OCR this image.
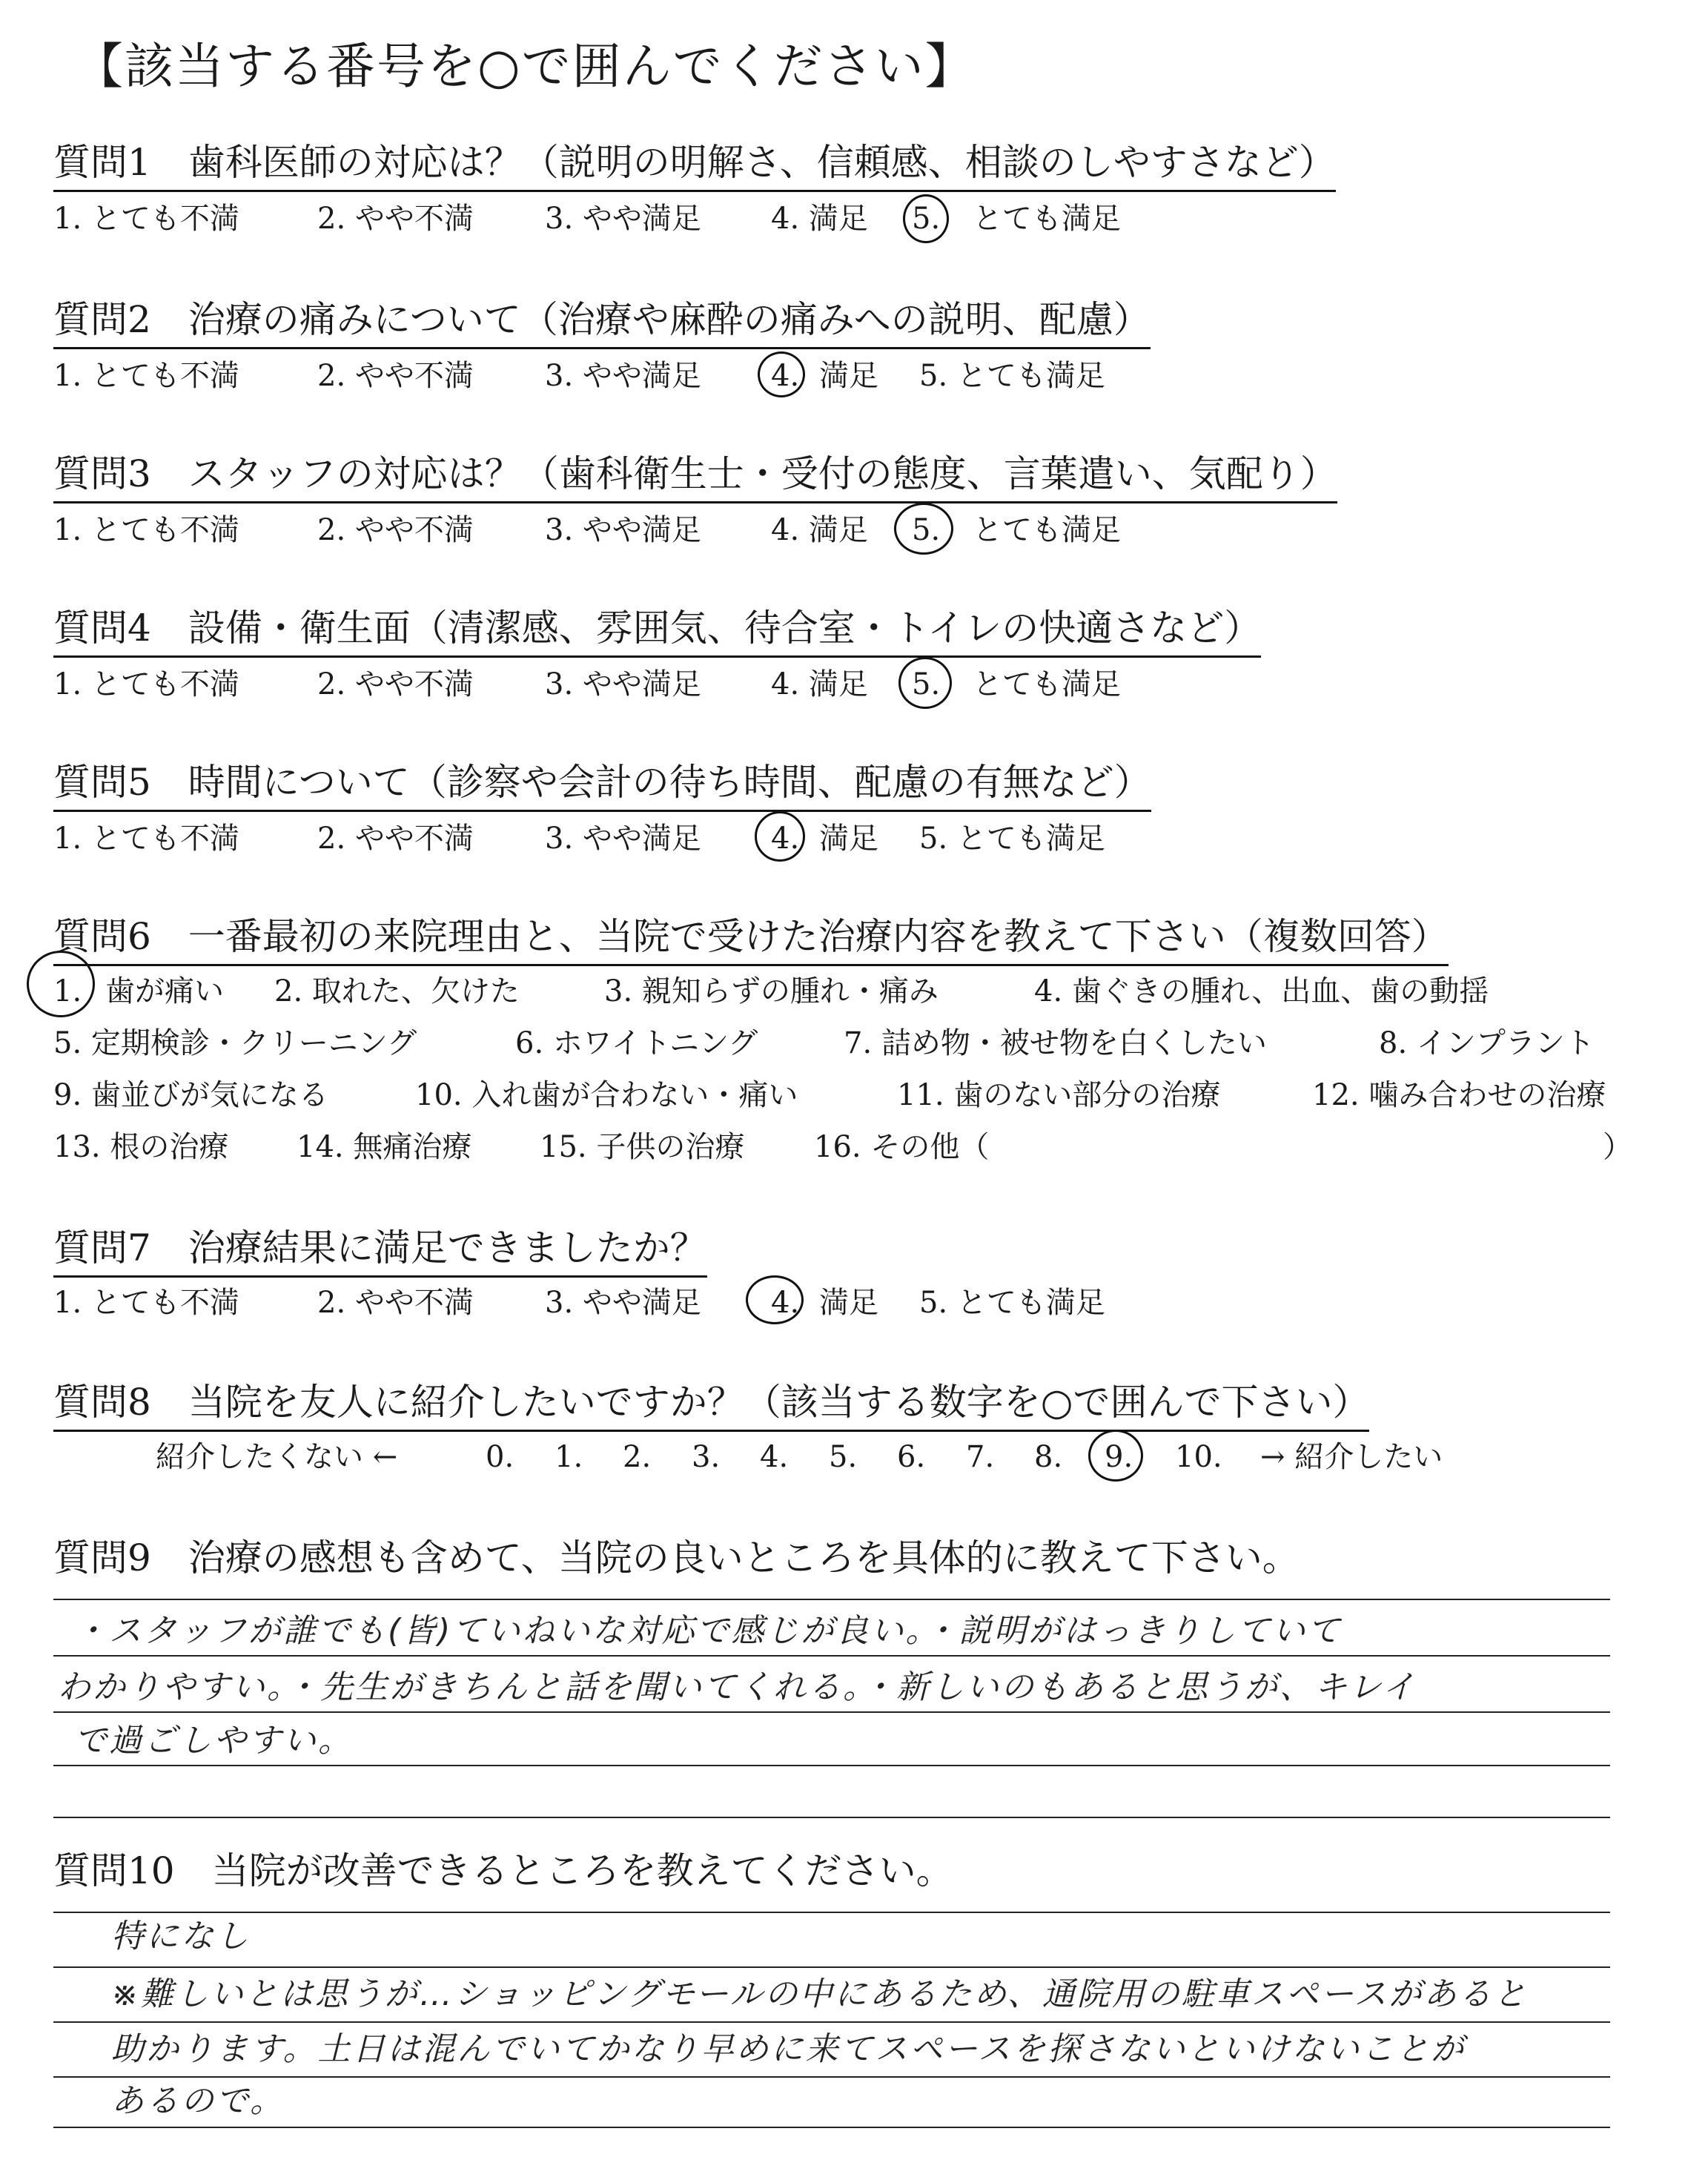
【該当する番号を○で囲んでください】
質問1　歯科医師の対応は？（説明の明解さ、信頼感、相談のしやすさなど）
1. とても不満	2. やや不満 3. やや満足 4. 満足 5. とても満足
質問2　治療の痛みについて（治療や麻酔の痛みへの説明、配慮）
1. とても不満	2. やや不満 3. やや満足 4. 満足 5. とても満足
質問3　スタッフの対応は？（歯科衛生士・受付の態度、言葉遣い、気配り）
1. とても不満	2. やや不満 3. やや満足 4. 満足 5. とても満足
質問4　設備・衛生面（清潔感、雰囲気、待合室・トイレの快適さなど）
1. とても不満	2. やや不満 3. やや満足 4. 満足 5. とても満足
質問5　時間について（診察や会計の待ち時間、配慮の有無など）
1. とても不満	2. やや不満 3. やや満足 4. 満足 5. とても満足
質問6　一番最初の来院理由と、当院で受けた治療内容を教えて下さい（複数回答）
1. 歯が痛い 2. 取れた、欠けた	3. 親知らずの腫れ・痛み	4. 歯ぐきの腫れ、出血、歯の動揺
5. 定期検診・クリーニング	6. ホワイトニング	7. 詰め物・被せ物を白くしたい	8. インプラント
9. 歯並びが気になる	10. 入れ歯が合わない・痛い	11. 歯のない部分の治療	12. 噛み合わせの治療
13. 根の治療 14. 無痛治療 15. 子供の治療 16. その他（	）
質問7　治療結果に満足できましたか？
1. とても不満	2. やや不満 3. やや満足 4. 満足 5. とても満足
質問8　当院を友人に紹介したいですか？（該当する数字を○で囲んで下さい）
紹介したくない ←	0. 1. 2. 3. 4. 5. 6. 7. 8. 9. 10. → 紹介したい
質問9　治療の感想も含めて、当院の良いところを具体的に教えて下さい。
・スタッフが誰でも(皆)ていねいな対応で感じが良い。・説明がはっきりしていて
わかりやすい。・先生がきちんと話を聞いてくれる。・新しいのもあると思うが、キレイ
で過ごしやすい。
質問10　当院が改善できるところを教えてください。
特になし
※難しいとは思うが…ショッピングモールの中にあるため、通院用の駐車スペースがあると
助かります。土日は混んでいてかなり早めに来てスペースを探さないといけないことが
あるので。
